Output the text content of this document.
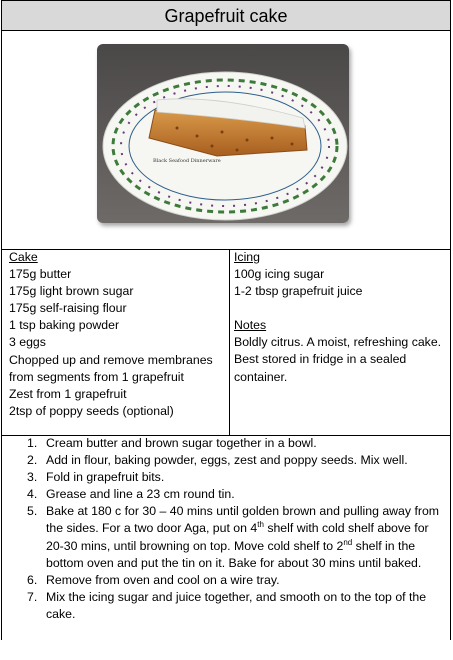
Grapefruit cake
Black Seafood Dinnerware
Cake
175g butter
175g light brown sugar
175g self-raising flour
1 tsp baking powder
3 eggs
Chopped up and remove membranes from segments from 1 grapefruit
Zest from 1 grapefruit
2tsp of poppy seeds (optional)
Icing
100g icing sugar
1-2 tbsp grapefruit juice
Notes
Boldly citrus. A moist, refreshing cake. Best stored in fridge in a sealed container.
1. Cream butter and brown sugar together in a bowl.
2. Add in flour, baking powder, eggs, zest and poppy seeds. Mix well.
3. Fold in grapefruit bits.
4. Grease and line a 23 cm round tin.
5. Bake at 180 c for 30 – 40 mins until golden brown and pulling away from the sides. For a two door Aga, put on 4th shelf with cold shelf above for 20-30 mins, until browning on top. Move cold shelf to 2nd shelf in the bottom oven and put the tin on it. Bake for about 30 mins until baked.
6. Remove from oven and cool on a wire tray.
7. Mix the icing sugar and juice together, and smooth on to the top of the cake.
